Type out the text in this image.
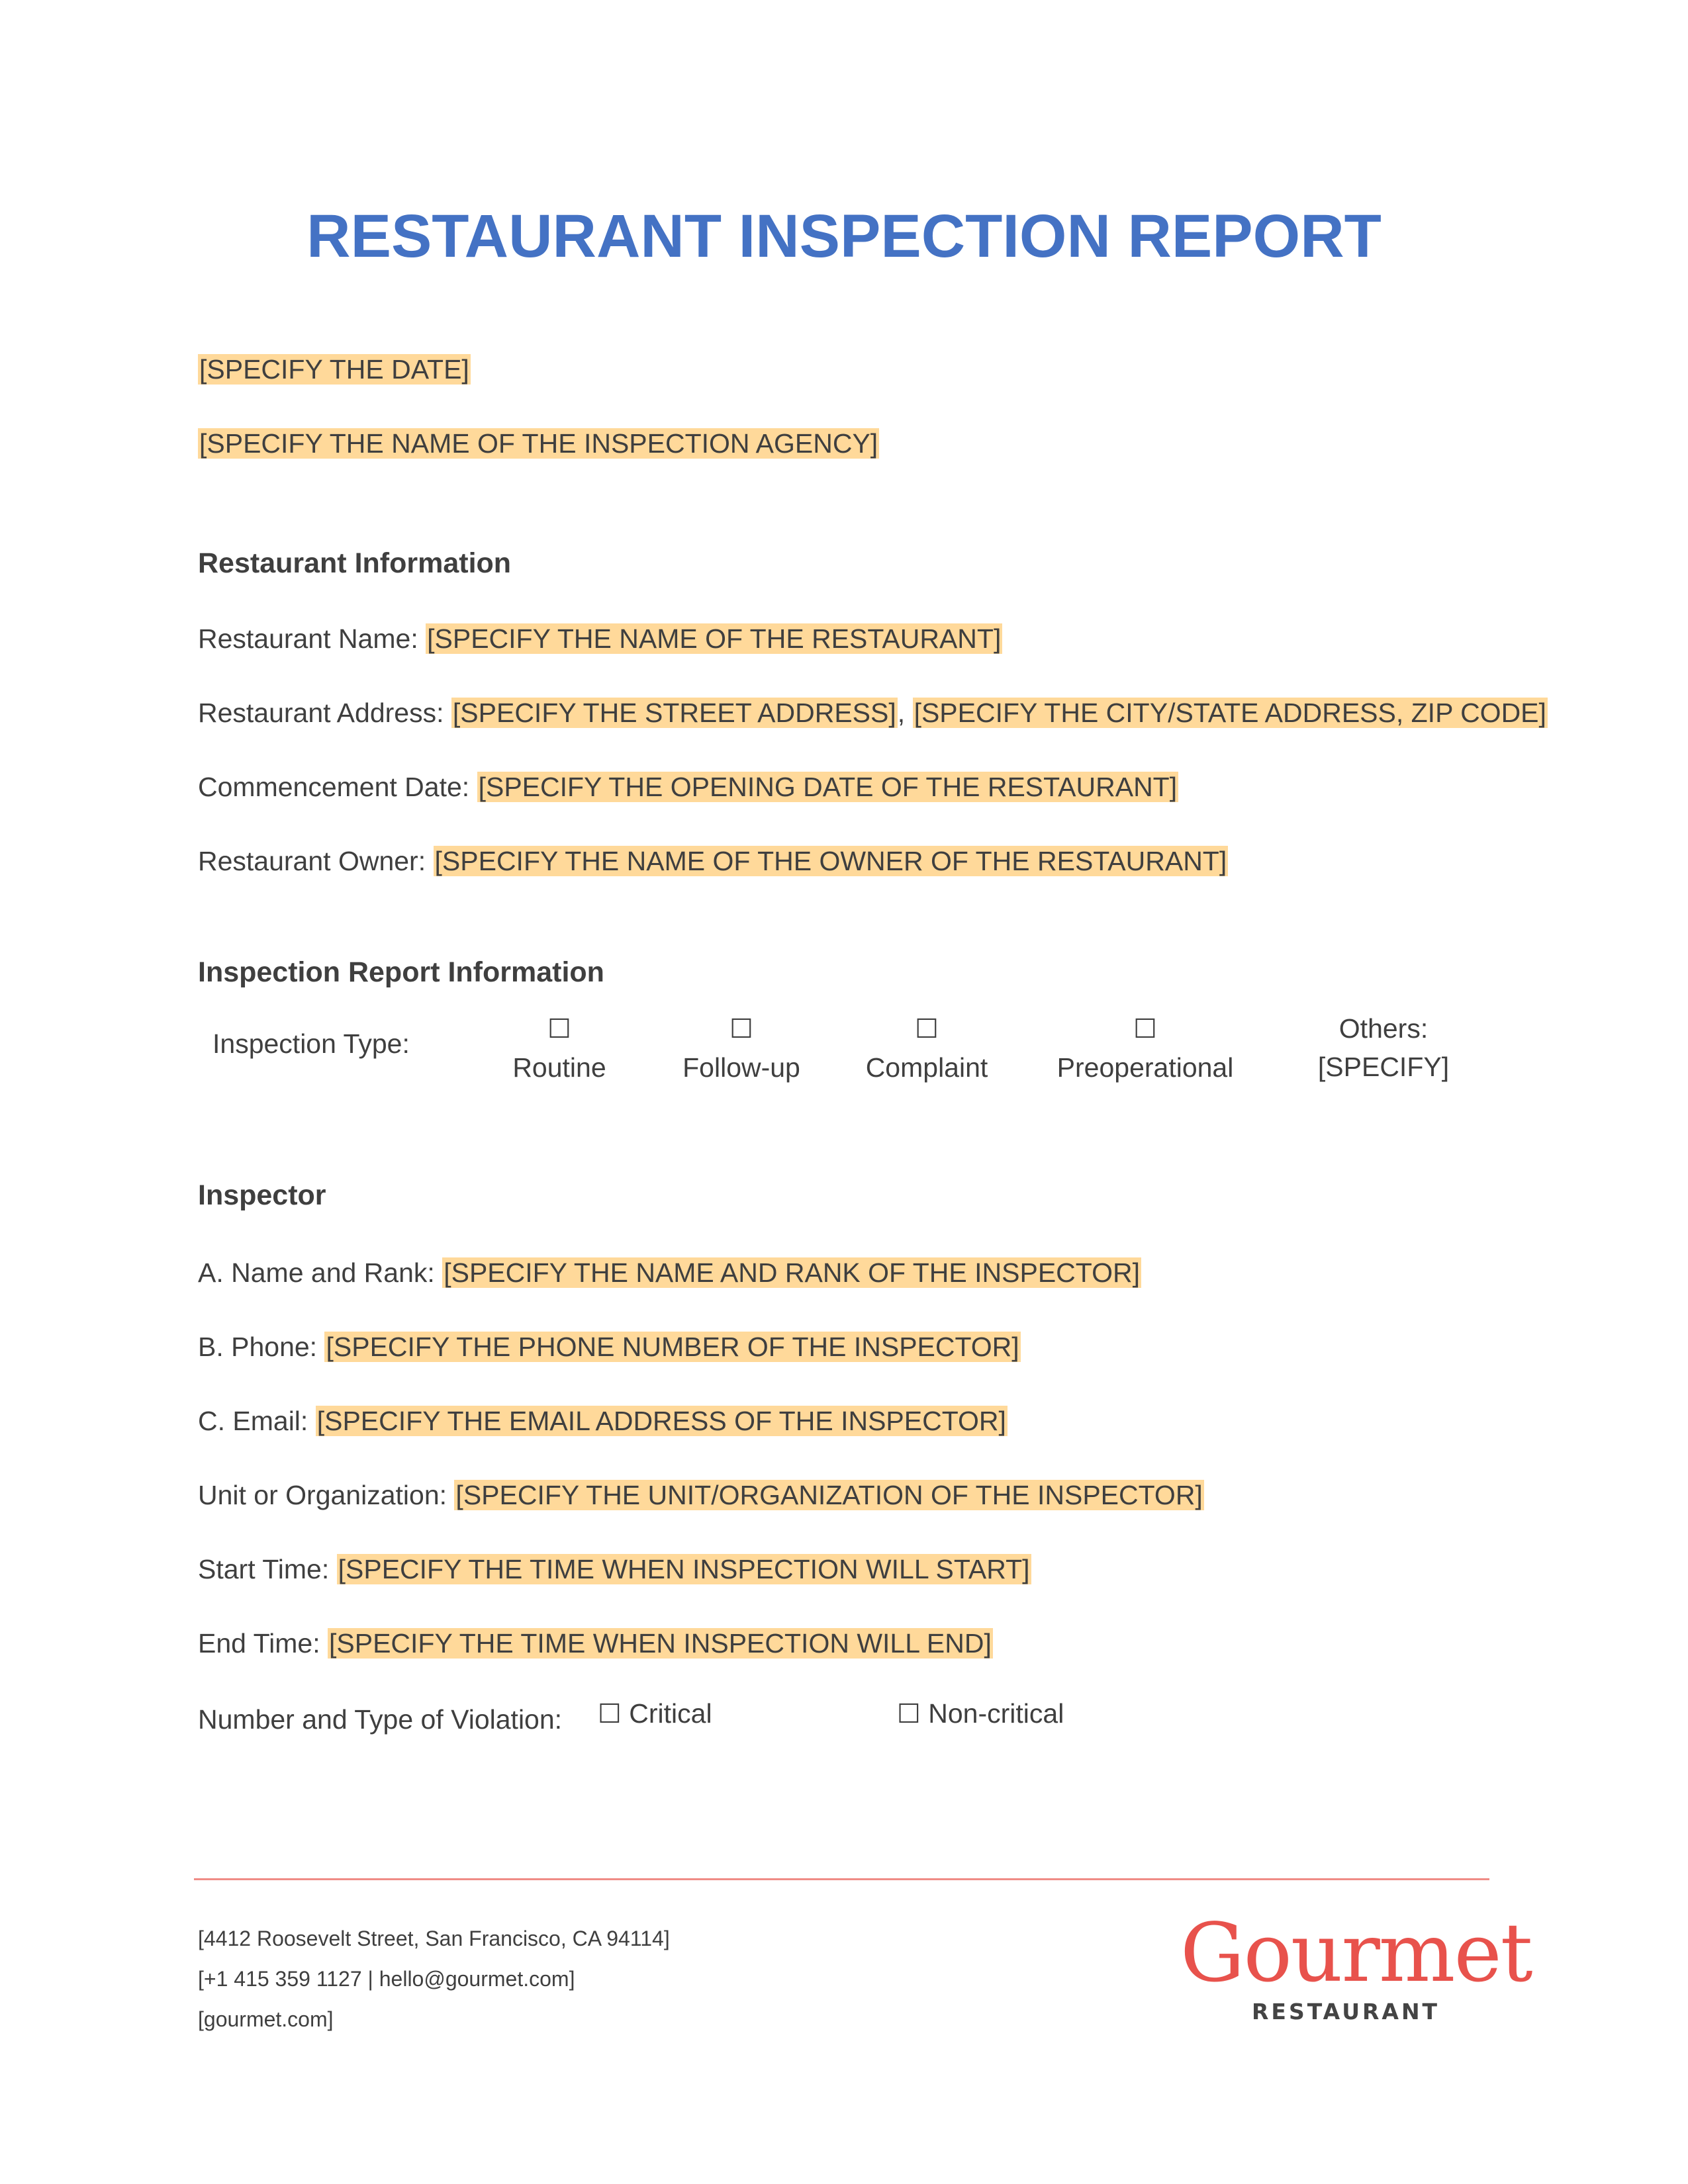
RESTAURANT INSPECTION REPORT
[SPECIFY THE DATE]
[SPECIFY THE NAME OF THE INSPECTION AGENCY]
Restaurant Information
Restaurant Name: [SPECIFY THE NAME OF THE RESTAURANT]
Restaurant Address: [SPECIFY THE STREET ADDRESS], [SPECIFY THE CITY/STATE ADDRESS, ZIP CODE]
Commencement Date: [SPECIFY THE OPENING DATE OF THE RESTAURANT]
Restaurant Owner: [SPECIFY THE NAME OF THE OWNER OF THE RESTAURANT]
Inspection Report Information
Inspection Type:	☐
Routine
☐
Follow-up
☐
Complaint
☐
Preoperational
Others:
[SPECIFY]
Inspector
A. Name and Rank: [SPECIFY THE NAME AND RANK OF THE INSPECTOR]
B. Phone: [SPECIFY THE PHONE NUMBER OF THE INSPECTOR]
C. Email: [SPECIFY THE EMAIL ADDRESS OF THE INSPECTOR]
Unit or Organization: [SPECIFY THE UNIT/ORGANIZATION OF THE INSPECTOR]
Start Time: [SPECIFY THE TIME WHEN INSPECTION WILL START]
End Time: [SPECIFY THE TIME WHEN INSPECTION WILL END]
Number and Type of Violation: ☐ Critical	☐ Non-critical
[4412 Roosevelt Street, San Francisco, CA 94114]
[+1 415 359 1127 | hello@gourmet.com]
[gourmet.com]
Gourmet
RESTAURANT
